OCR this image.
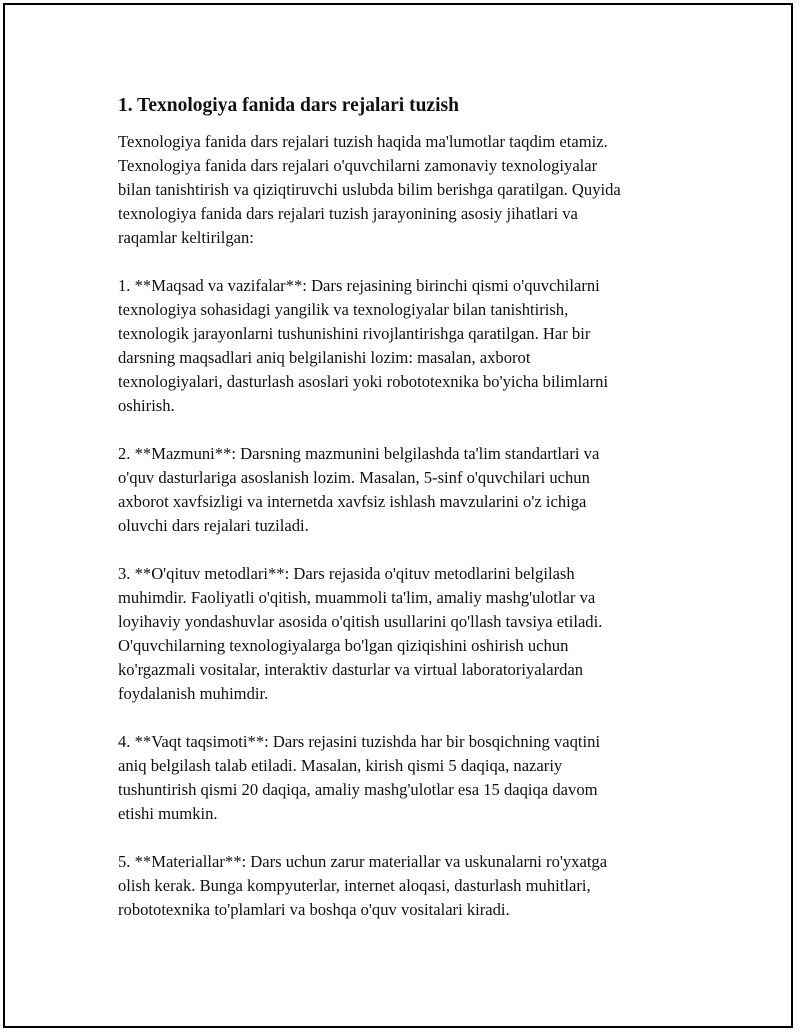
1. Texnologiya fanida dars rejalari tuzish
Texnologiya fanida dars rejalari tuzish haqida ma'lumotlar taqdim etamiz.
Texnologiya fanida dars rejalari o'quvchilarni zamonaviy texnologiyalar
bilan tanishtirish va qiziqtiruvchi uslubda bilim berishga qaratilgan. Quyida
texnologiya fanida dars rejalari tuzish jarayonining asosiy jihatlari va
raqamlar keltirilgan:
1. **Maqsad va vazifalar**: Dars rejasining birinchi qismi o'quvchilarni
texnologiya sohasidagi yangilik va texnologiyalar bilan tanishtirish,
texnologik jarayonlarni tushunishini rivojlantirishga qaratilgan. Har bir
darsning maqsadlari aniq belgilanishi lozim: masalan, axborot
texnologiyalari, dasturlash asoslari yoki robototexnika bo'yicha bilimlarni
oshirish.
2. **Mazmuni**: Darsning mazmunini belgilashda ta'lim standartlari va
o'quv dasturlariga asoslanish lozim. Masalan, 5-sinf o'quvchilari uchun
axborot xavfsizligi va internetda xavfsiz ishlash mavzularini o'z ichiga
oluvchi dars rejalari tuziladi.
3. **O'qituv metodlari**: Dars rejasida o'qituv metodlarini belgilash
muhimdir. Faoliyatli o'qitish, muammoli ta'lim, amaliy mashg'ulotlar va
loyihaviy yondashuvlar asosida o'qitish usullarini qo'llash tavsiya etiladi.
O'quvchilarning texnologiyalarga bo'lgan qiziqishini oshirish uchun
ko'rgazmali vositalar, interaktiv dasturlar va virtual laboratoriyalardan
foydalanish muhimdir.
4. **Vaqt taqsimoti**: Dars rejasini tuzishda har bir bosqichning vaqtini
aniq belgilash talab etiladi. Masalan, kirish qismi 5 daqiqa, nazariy
tushuntirish qismi 20 daqiqa, amaliy mashg'ulotlar esa 15 daqiqa davom
etishi mumkin.
5. **Materiallar**: Dars uchun zarur materiallar va uskunalarni ro'yxatga
olish kerak. Bunga kompyuterlar, internet aloqasi, dasturlash muhitlari,
robototexnika to'plamlari va boshqa o'quv vositalari kiradi.
